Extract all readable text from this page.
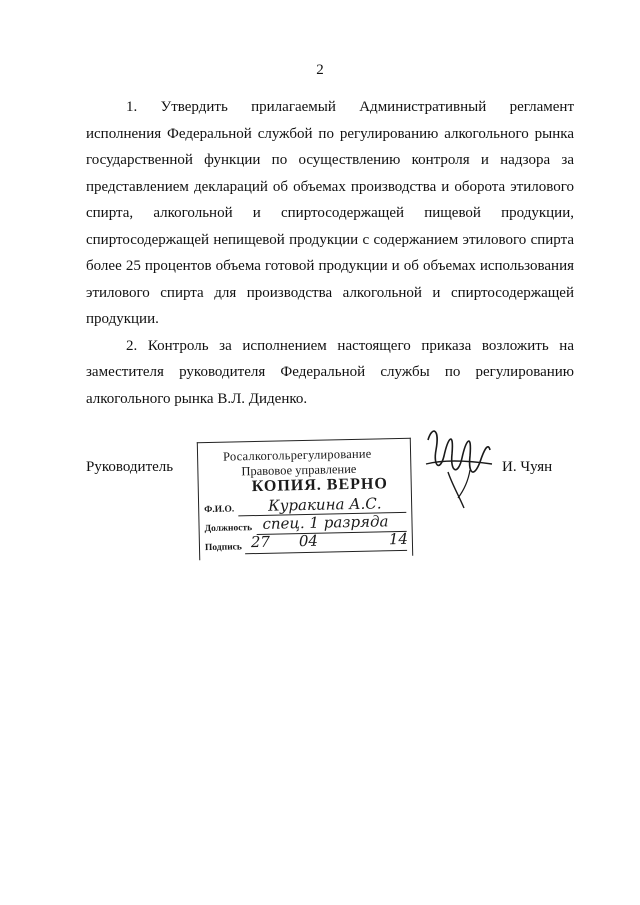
2

1. Утвердить прилагаемый Административный регламент исполнения Федеральной службой по регулированию алкогольного рынка государственной функции по осуществлению контроля и надзора за представлением деклараций об объемах производства и оборота этилового спирта, алкогольной и спиртосодержащей пищевой продукции, спиртосодержащей непищевой продукции с содержанием этилового спирта более 25 процентов объема готовой продукции и об объемах использования этилового спирта для производства алкогольной и спиртосодержащей продукции.

2. Контроль за исполнением настоящего приказа возложить на заместителя руководителя Федеральной службы по регулированию алкогольного рынка В.Л. Диденко.

Руководитель	И. Чуян
Росалкогольрегулирование
Правовое управление
КОПИЯ. ВЕРНО
Ф.И.О. Куракина А.С.
Должность спец. 1 разряда
Подпись 27 04	14
